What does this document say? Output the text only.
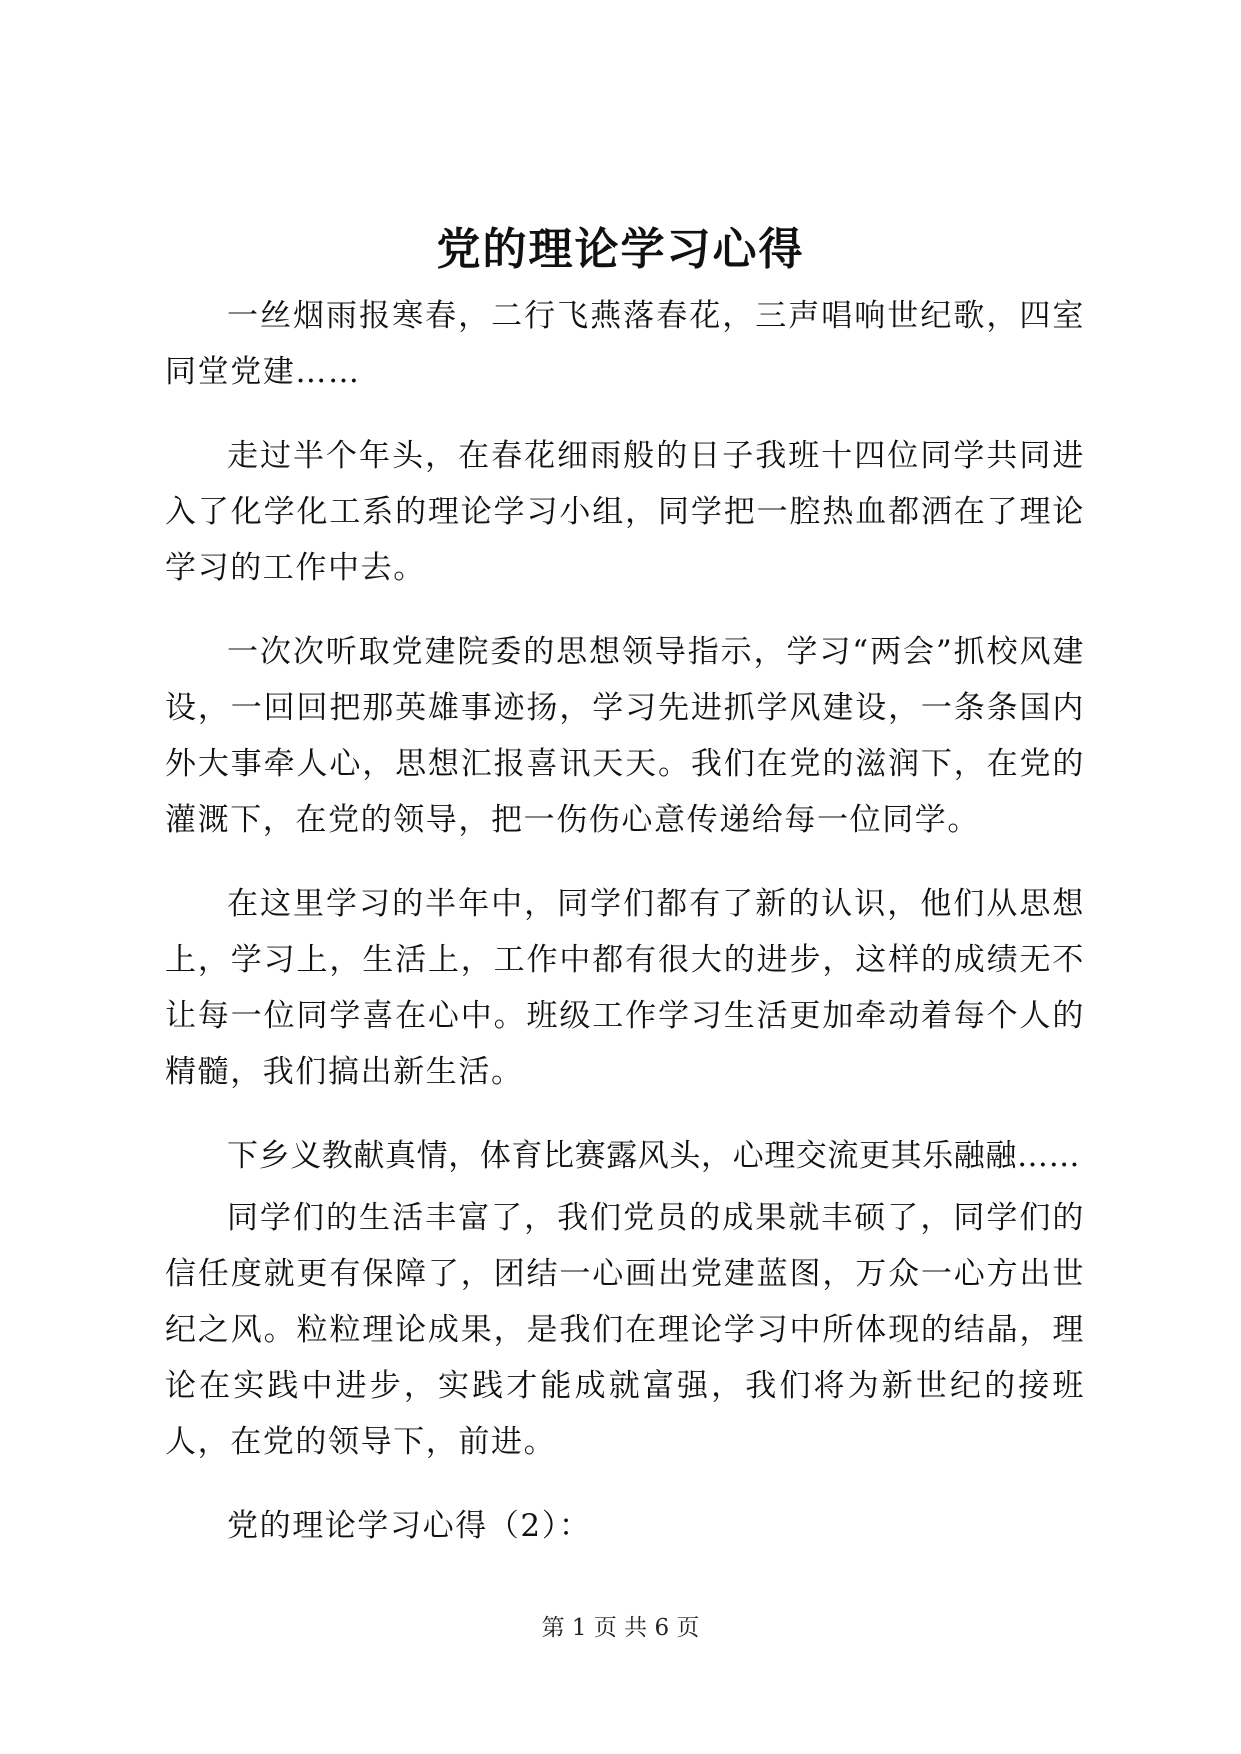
党的理论学习心得

一丝烟雨报寒春，二行飞燕落春花，三声唱响世纪歌，四室同堂党建……

走过半个年头，在春花细雨般的日子我班十四位同学共同进入了化学化工系的理论学习小组，同学把一腔热血都洒在了理论学习的工作中去。

一次次听取党建院委的思想领导指示，学习“两会”抓校风建设，一回回把那英雄事迹扬，学习先进抓学风建设，一条条国内外大事牵人心，思想汇报喜讯天天。我们在党的滋润下，在党的灌溉下，在党的领导，把一伤伤心意传递给每一位同学。

在这里学习的半年中，同学们都有了新的认识，他们从思想上，学习上，生活上，工作中都有很大的进步，这样的成绩无不让每一位同学喜在心中。班级工作学习生活更加牵动着每个人的精髓，我们搞出新生活。

下乡义教献真情，体育比赛露风头，心理交流更其乐融融……

同学们的生活丰富了，我们党员的成果就丰硕了，同学们的信任度就更有保障了，团结一心画出党建蓝图，万众一心方出世纪之风。粒粒理论成果，是我们在理论学习中所体现的结晶，理论在实践中进步，实践才能成就富强，我们将为新世纪的接班人，在党的领导下，前进。

党的理论学习心得（2）：

第 1 页 共 6 页
